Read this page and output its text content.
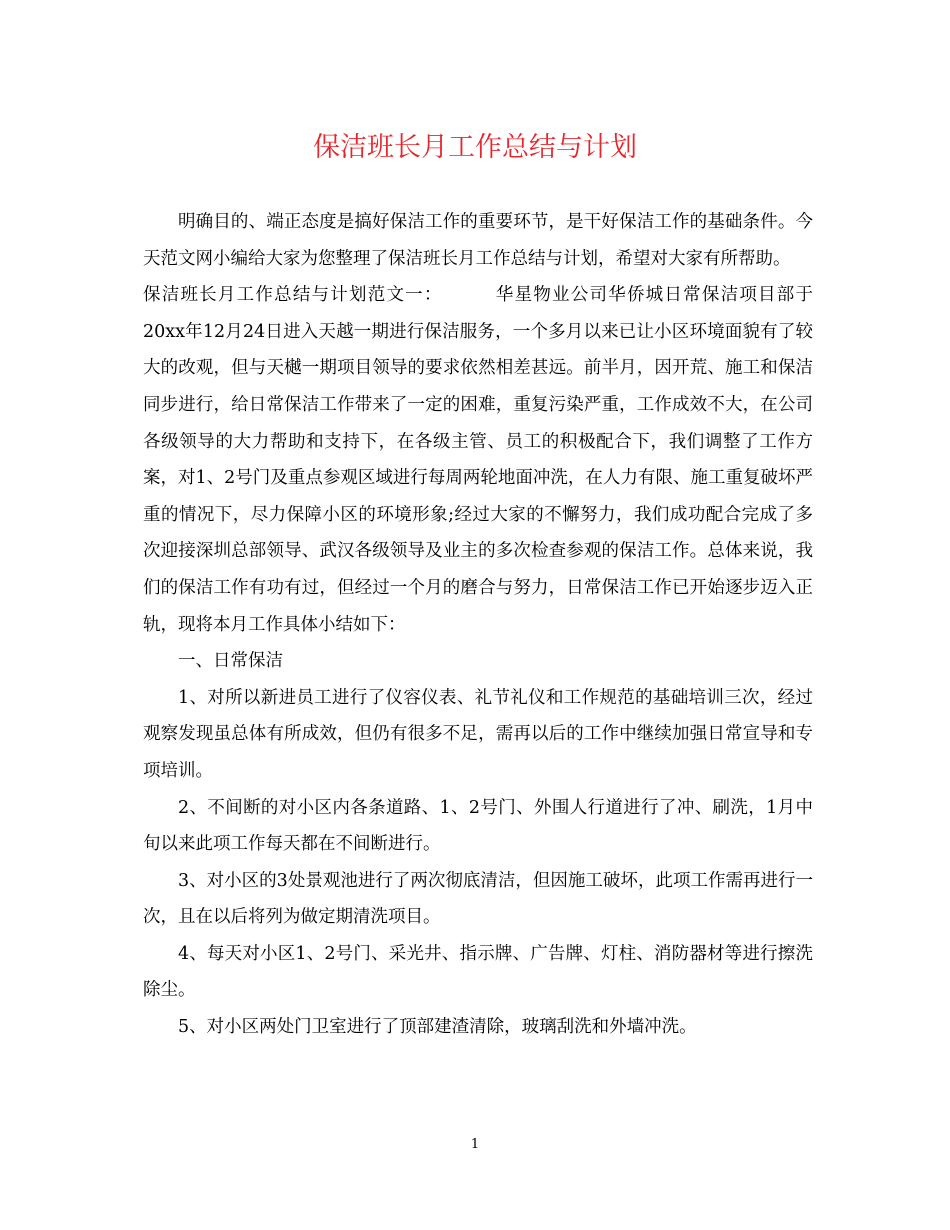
保洁班长月工作总结与计划

明确目的、端正态度是搞好保洁工作的重要环节，是干好保洁工作的基础条件。今天范文网小编给大家为您整理了保洁班长月工作总结与计划，希望对大家有所帮助。

保洁班长月工作总结与计划范文一：	华星物业公司华侨城日常保洁项目部于20xx年12月24日进入天越一期进行保洁服务，一个多月以来已让小区环境面貌有了较大的改观，但与天樾一期项目领导的要求依然相差甚远。前半月，因开荒、施工和保洁同步进行，给日常保洁工作带来了一定的困难，重复污染严重，工作成效不大，在公司各级领导的大力帮助和支持下，在各级主管、员工的积极配合下，我们调整了工作方案，对1、2号门及重点参观区域进行每周两轮地面冲洗，在人力有限、施工重复破坏严重的情况下，尽力保障小区的环境形象;经过大家的不懈努力，我们成功配合完成了多次迎接深圳总部领导、武汉各级领导及业主的多次检查参观的保洁工作。总体来说，我们的保洁工作有功有过，但经过一个月的磨合与努力，日常保洁工作已开始逐步迈入正轨，现将本月工作具体小结如下：

一、日常保洁

1、对所以新进员工进行了仪容仪表、礼节礼仪和工作规范的基础培训三次，经过观察发现虽总体有所成效，但仍有很多不足，需再以后的工作中继续加强日常宣导和专项培训。

2、不间断的对小区内各条道路、1、2号门、外围人行道进行了冲、刷洗，1月中旬以来此项工作每天都在不间断进行。

3、对小区的3处景观池进行了两次彻底清洁，但因施工破坏，此项工作需再进行一次，且在以后将列为做定期清洗项目。

4、每天对小区1、2号门、采光井、指示牌、广告牌、灯柱、消防器材等进行擦洗除尘。

5、对小区两处门卫室进行了顶部建渣清除，玻璃刮洗和外墙冲洗。

1
